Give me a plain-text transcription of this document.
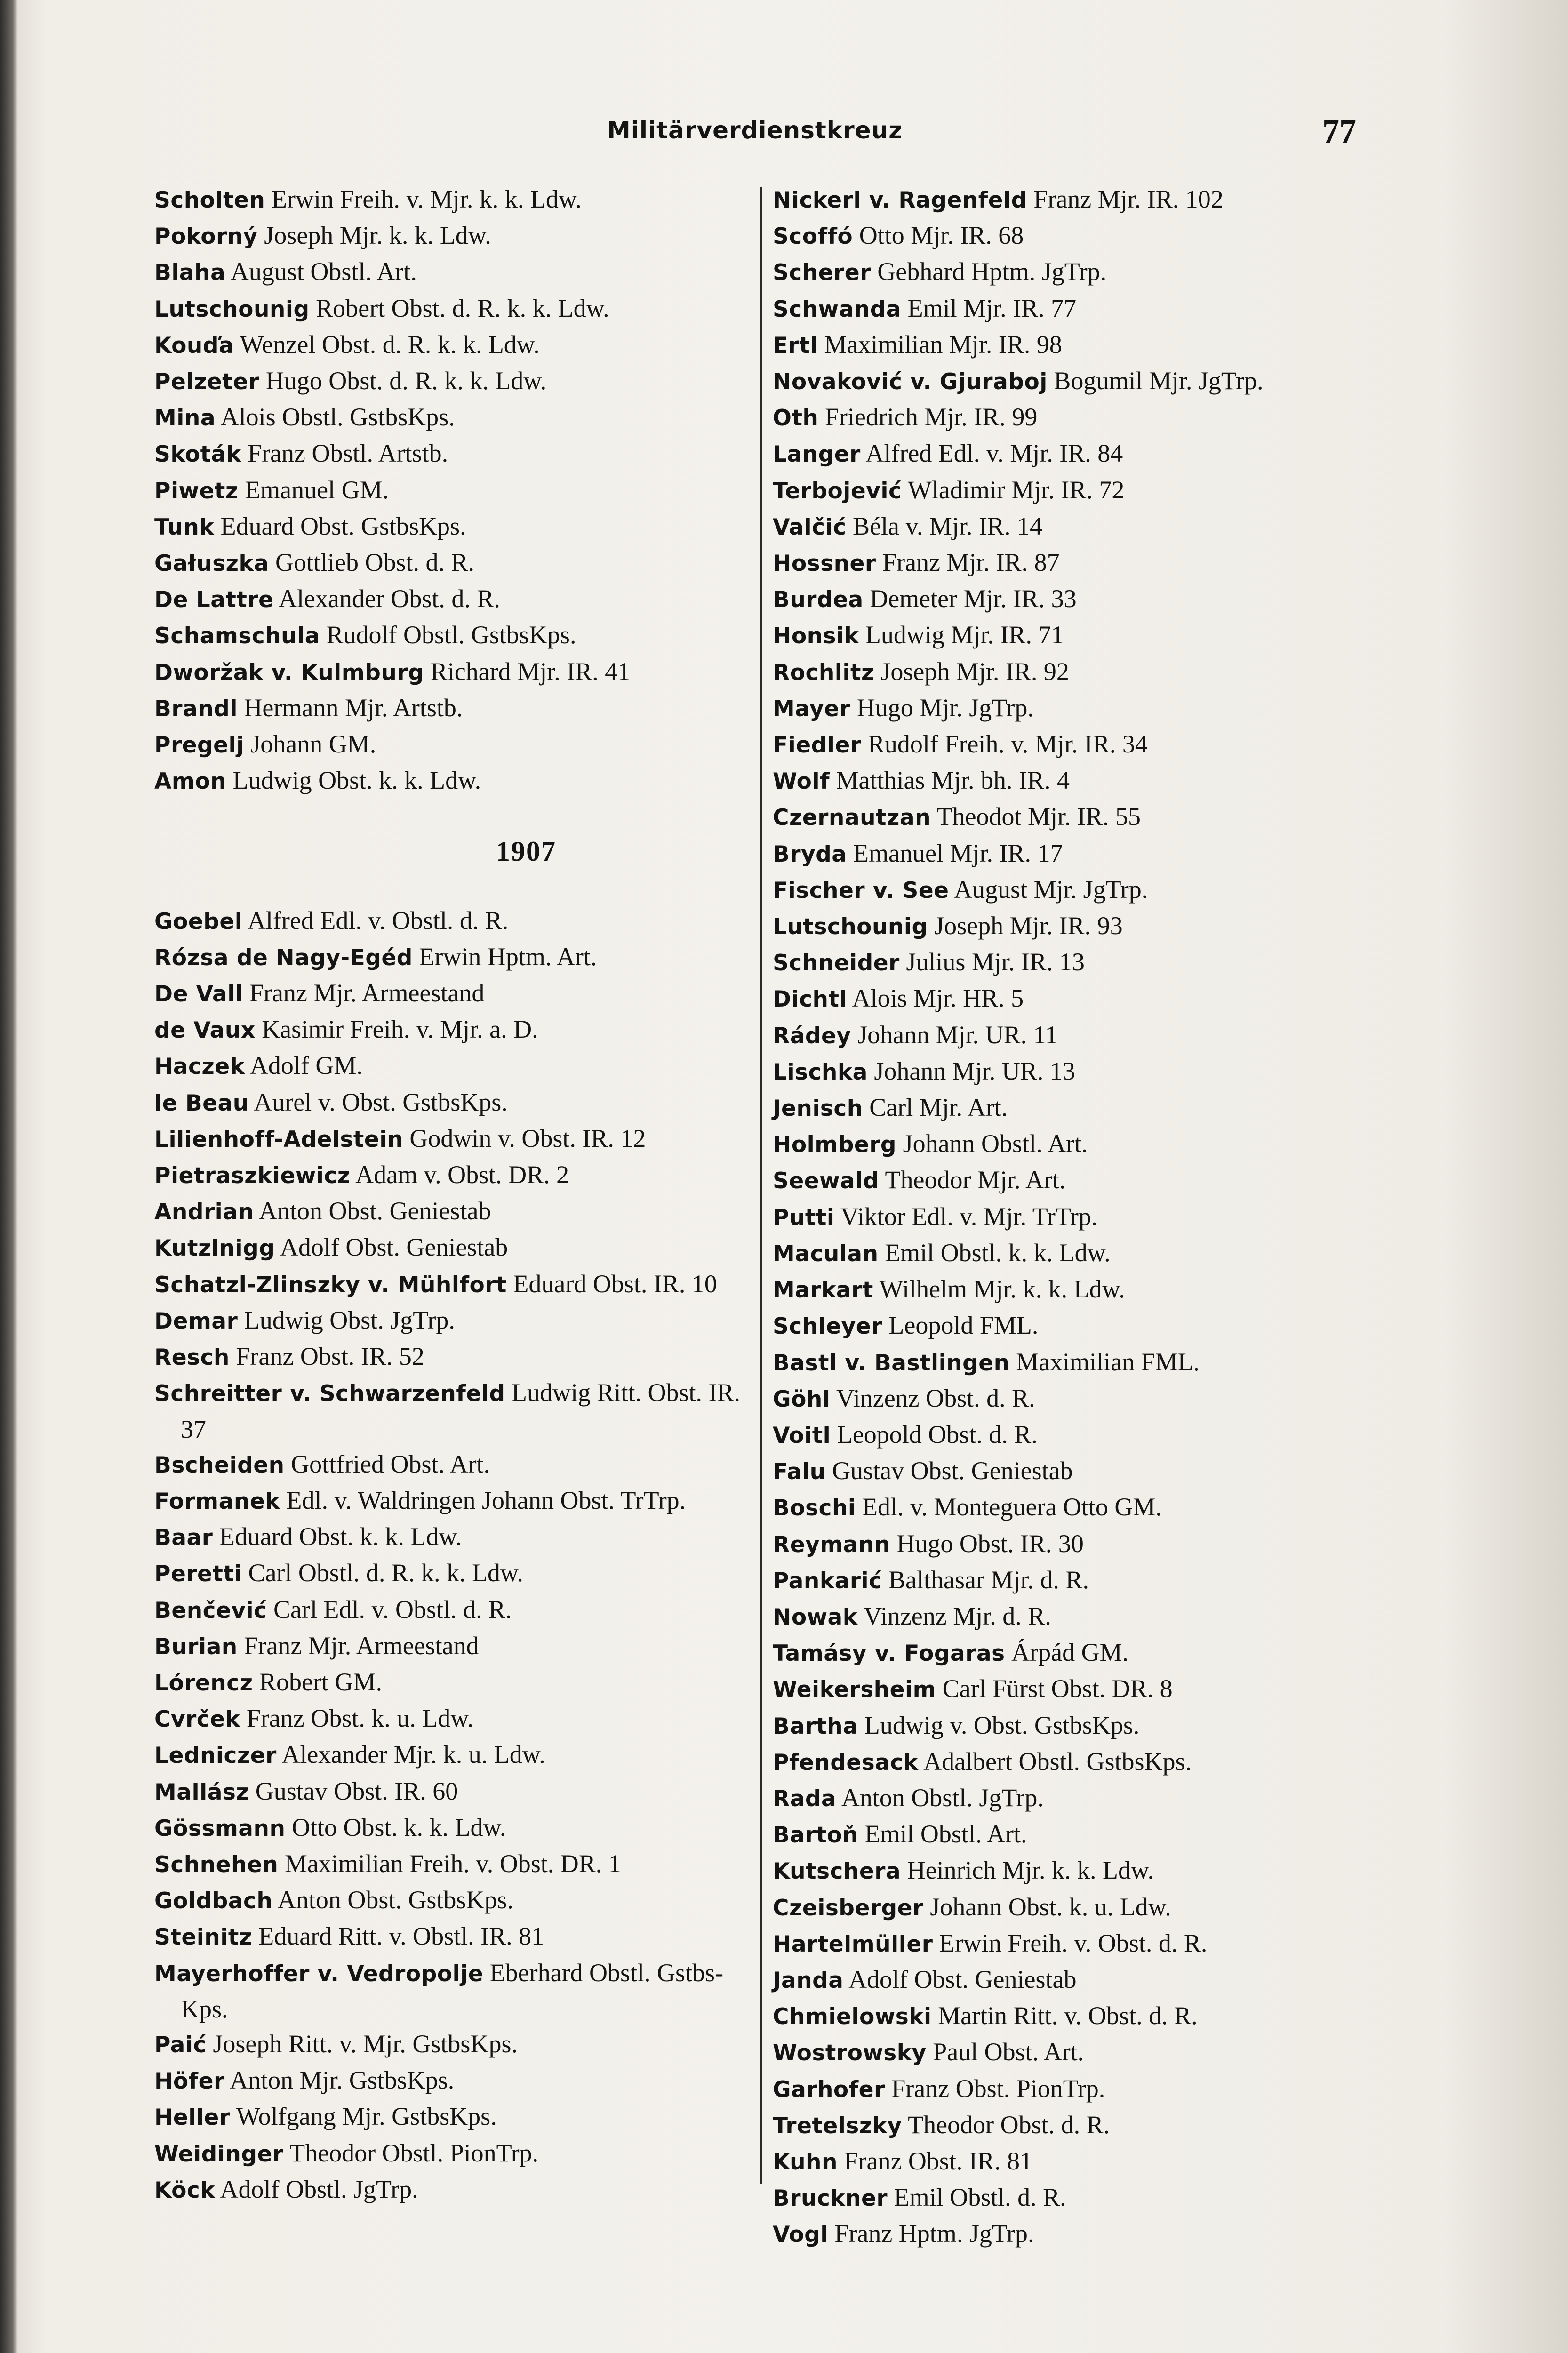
Militärverdienstkreuz	77
Scholten Erwin Freih. v. Mjr. k. k. Ldw.
Pokorný Joseph Mjr. k. k. Ldw.
Blaha August Obstl. Art.
Lutschounig Robert Obst. d. R. k. k. Ldw.
Kouďa Wenzel Obst. d. R. k. k. Ldw.
Pelzeter Hugo Obst. d. R. k. k. Ldw.
Mina Alois Obstl. GstbsKps.
Skoták Franz Obstl. Artstb.
Piwetz Emanuel GM.
Tunk Eduard Obst. GstbsKps.
Gałuszka Gottlieb Obst. d. R.
De Lattre Alexander Obst. d. R.
Schamschula Rudolf Obstl. GstbsKps.
Dworžak v. Kulmburg Richard Mjr. IR. 41
Brandl Hermann Mjr. Artstb.
Pregelj Johann GM.
Amon Ludwig Obst. k. k. Ldw.
1907
Goebel Alfred Edl. v. Obstl. d. R.
Rózsa de Nagy-Egéd Erwin Hptm. Art.
De Vall Franz Mjr. Armeestand
de Vaux Kasimir Freih. v. Mjr. a. D.
Haczek Adolf GM.
le Beau Aurel v. Obst. GstbsKps.
Lilienhoff-Adelstein Godwin v. Obst. IR. 12
Pietraszkiewicz Adam v. Obst. DR. 2
Andrian Anton Obst. Geniestab
Kutzlnigg Adolf Obst. Geniestab
Schatzl-Zlinszky v. Mühlfort Eduard Obst. IR. 10
Demar Ludwig Obst. JgTrp.
Resch Franz Obst. IR. 52
Schreitter v. Schwarzenfeld Ludwig Ritt. Obst. IR. 37
Bscheiden Gottfried Obst. Art.
Formanek Edl. v. Waldringen Johann Obst. TrTrp.
Baar Eduard Obst. k. k. Ldw.
Peretti Carl Obstl. d. R. k. k. Ldw.
Benčević Carl Edl. v. Obstl. d. R.
Burian Franz Mjr. Armeestand
Lórencz Robert GM.
Cvrček Franz Obst. k. u. Ldw.
Ledniczer Alexander Mjr. k. u. Ldw.
Mallász Gustav Obst. IR. 60
Gössmann Otto Obst. k. k. Ldw.
Schnehen Maximilian Freih. v. Obst. DR. 1
Goldbach Anton Obst. GstbsKps.
Steinitz Eduard Ritt. v. Obstl. IR. 81
Mayerhoffer v. Vedropolje Eberhard Obstl. Gstbs-Kps.
Paić Joseph Ritt. v. Mjr. GstbsKps.
Höfer Anton Mjr. GstbsKps.
Heller Wolfgang Mjr. GstbsKps.
Weidinger Theodor Obstl. PionTrp.
Köck Adolf Obstl. JgTrp.
Nickerl v. Ragenfeld Franz Mjr. IR. 102
Scoffó Otto Mjr. IR. 68
Scherer Gebhard Hptm. JgTrp.
Schwanda Emil Mjr. IR. 77
Ertl Maximilian Mjr. IR. 98
Novaković v. Gjuraboj Bogumil Mjr. JgTrp.
Oth Friedrich Mjr. IR. 99
Langer Alfred Edl. v. Mjr. IR. 84
Terbojević Wladimir Mjr. IR. 72
Valčić Béla v. Mjr. IR. 14
Hossner Franz Mjr. IR. 87
Burdea Demeter Mjr. IR. 33
Honsik Ludwig Mjr. IR. 71
Rochlitz Joseph Mjr. IR. 92
Mayer Hugo Mjr. JgTrp.
Fiedler Rudolf Freih. v. Mjr. IR. 34
Wolf Matthias Mjr. bh. IR. 4
Czernautzan Theodot Mjr. IR. 55
Bryda Emanuel Mjr. IR. 17
Fischer v. See August Mjr. JgTrp.
Lutschounig Joseph Mjr. IR. 93
Schneider Julius Mjr. IR. 13
Dichtl Alois Mjr. HR. 5
Rádey Johann Mjr. UR. 11
Lischka Johann Mjr. UR. 13
Jenisch Carl Mjr. Art.
Holmberg Johann Obstl. Art.
Seewald Theodor Mjr. Art.
Putti Viktor Edl. v. Mjr. TrTrp.
Maculan Emil Obstl. k. k. Ldw.
Markart Wilhelm Mjr. k. k. Ldw.
Schleyer Leopold FML.
Bastl v. Bastlingen Maximilian FML.
Göhl Vinzenz Obst. d. R.
Voitl Leopold Obst. d. R.
Falu Gustav Obst. Geniestab
Boschi Edl. v. Monteguera Otto GM.
Reymann Hugo Obst. IR. 30
Pankarić Balthasar Mjr. d. R.
Nowak Vinzenz Mjr. d. R.
Tamásy v. Fogaras Árpád GM.
Weikersheim Carl Fürst Obst. DR. 8
Bartha Ludwig v. Obst. GstbsKps.
Pfendesack Adalbert Obstl. GstbsKps.
Rada Anton Obstl. JgTrp.
Bartoň Emil Obstl. Art.
Kutschera Heinrich Mjr. k. k. Ldw.
Czeisberger Johann Obst. k. u. Ldw.
Hartelmüller Erwin Freih. v. Obst. d. R.
Janda Adolf Obst. Geniestab
Chmielowski Martin Ritt. v. Obst. d. R.
Wostrowsky Paul Obst. Art.
Garhofer Franz Obst. PionTrp.
Tretelszky Theodor Obst. d. R.
Kuhn Franz Obst. IR. 81
Bruckner Emil Obstl. d. R.
Vogl Franz Hptm. JgTrp.
